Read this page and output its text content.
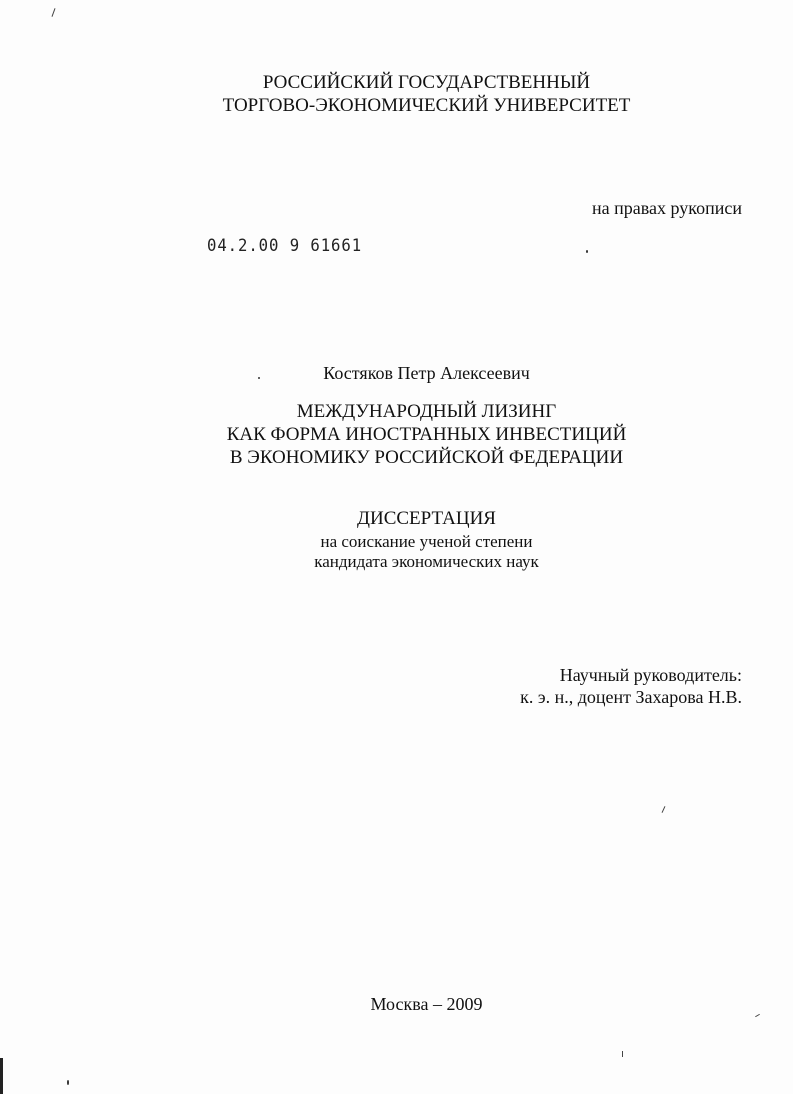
РОССИЙСКИЙ ГОСУДАРСТВЕННЫЙ
ТОРГОВО-ЭКОНОМИЧЕСКИЙ УНИВЕРСИТЕТ
на правах рукописи
04.2.00 9 61661
Костяков Петр Алексеевич
МЕЖДУНАРОДНЫЙ ЛИЗИНГ
КАК ФОРМА ИНОСТРАННЫХ ИНВЕСТИЦИЙ
В ЭКОНОМИКУ РОССИЙСКОЙ ФЕДЕРАЦИИ
ДИССЕРТАЦИЯ
на соискание ученой степени
кандидата экономических наук
Научный руководитель:
к. э. н., доцент Захарова Н.В.
Москва – 2009
